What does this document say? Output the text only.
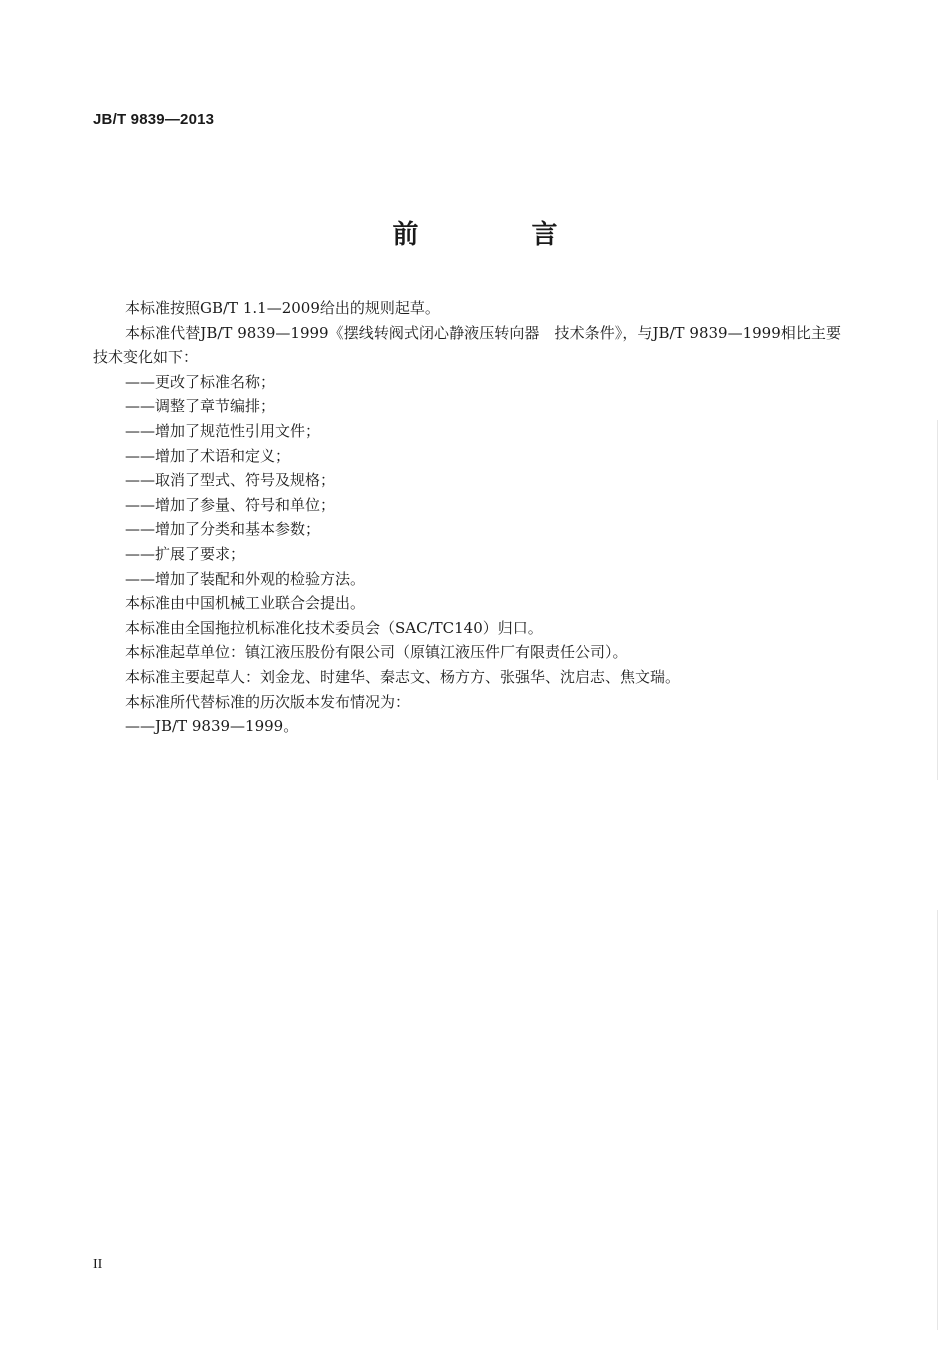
JB/T 9839—2013
前 言

本标准按照GB/T 1.1—2009给出的规则起草。

本标准代替JB/T 9839—1999《摆线转阀式闭心静液压转向器　技术条件》，与JB/T 9839—1999相比主要技术变化如下：

——更改了标准名称；

——调整了章节编排；

——增加了规范性引用文件；

——增加了术语和定义；

——取消了型式、符号及规格；

——增加了参量、符号和单位；

——增加了分类和基本参数；

——扩展了要求；

——增加了装配和外观的检验方法。

本标准由中国机械工业联合会提出。

本标准由全国拖拉机标准化技术委员会（SAC/TC140）归口。

本标准起草单位：镇江液压股份有限公司（原镇江液压件厂有限责任公司）。

本标准主要起草人：刘金龙、时建华、秦志文、杨方方、张强华、沈启志、焦文瑞。

本标准所代替标准的历次版本发布情况为：

——JB/T 9839—1999。

II
